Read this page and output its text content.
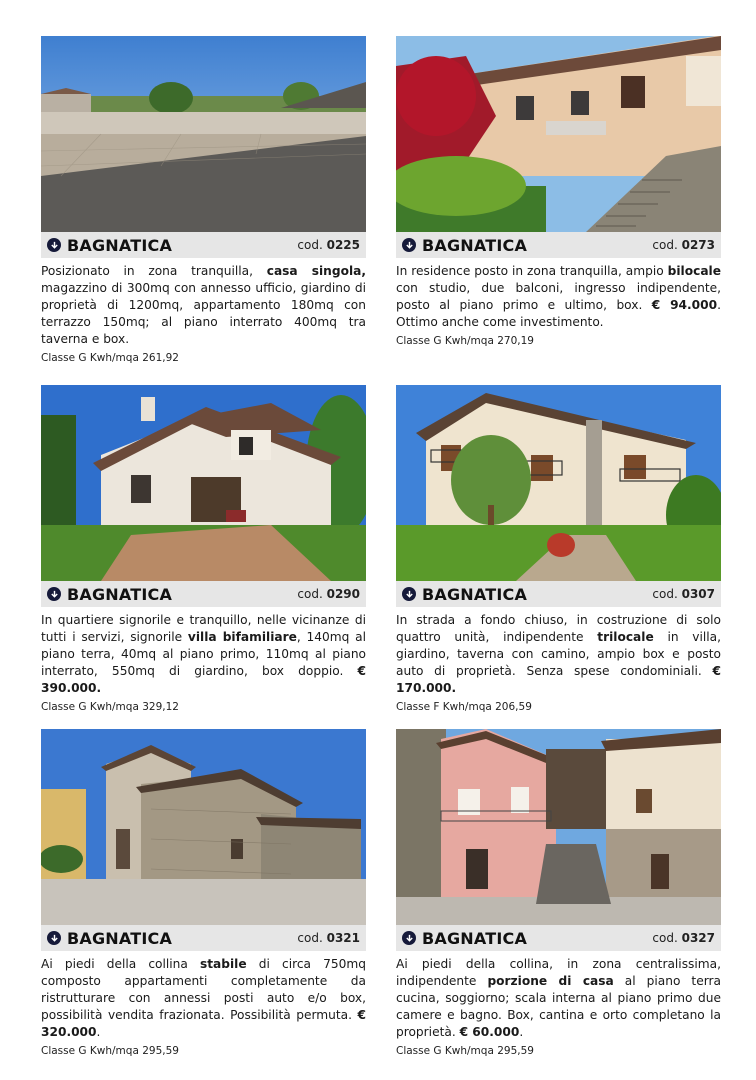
BAGNATICA	cod. 0225

Posizionato in zona tranquilla, casa singola, magazzino di 300mq con annesso ufficio, giardino di proprietà di 1200mq, appartamento 180mq con terrazzo 150mq; al piano interrato 400mq tra taverna e box.

Classe G Kwh/mqa 261,92
BAGNATICA	cod. 0273

In residence posto in zona tranquilla, ampio bilocale con studio, due balconi, ingresso indipendente, posto al piano primo e ultimo, box. € 94.000. Ottimo anche come investimento.

Classe G Kwh/mqa 270,19
BAGNATICA	cod. 0290

In quartiere signorile e tranquillo, nelle vicinanze di tutti i servizi, signorile villa bifamiliare, 140mq al piano terra, 40mq al piano primo, 110mq al piano interrato, 550mq di giardino, box doppio. € 390.000.

Classe G Kwh/mqa 329,12
BAGNATICA	cod. 0307

In strada a fondo chiuso, in costruzione di solo quattro unità, indipendente trilocale in villa, giardino, taverna con camino, ampio box e posto auto di proprietà. Senza spese condominiali. € 170.000.

Classe F Kwh/mqa 206,59
BAGNATICA	cod. 0321

Ai piedi della collina stabile di circa 750mq composto appartamenti completamente da ristrutturare con annessi posti auto e/o box, possibilità vendita frazionata. Possibilità permuta. € 320.000.

Classe G Kwh/mqa 295,59
BAGNATICA	cod. 0327

Ai piedi della collina, in zona centralissima, indipendente porzione di casa al piano terra cucina, soggiorno; scala interna al piano primo due camere e bagno. Box, cantina e orto completano la proprietà. € 60.000.

Classe G Kwh/mqa 295,59
